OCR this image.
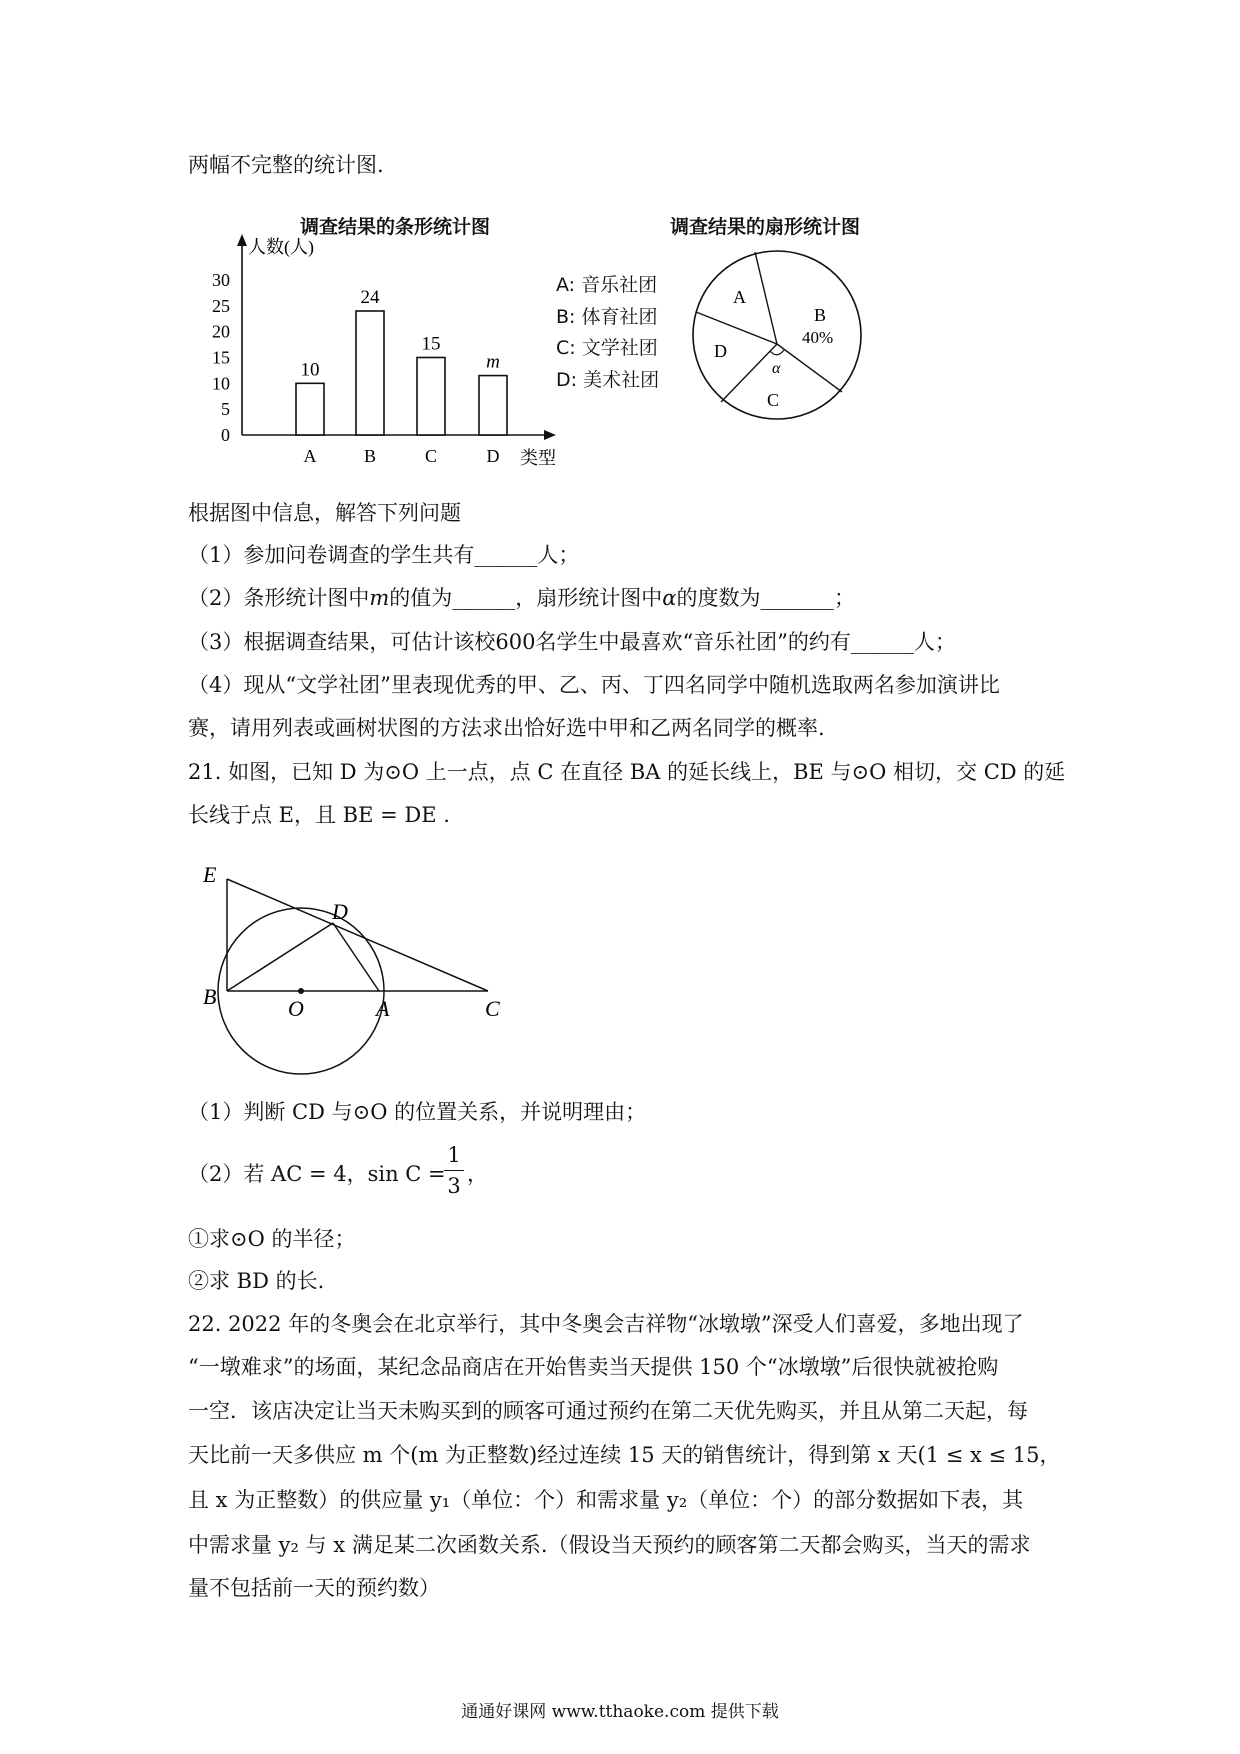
两幅不完整的统计图.
调查结果的条形统计图
人数(人)
类型
0
5
10
15
20
25
30
10
A
24
B
15
C
m
D
调查结果的扇形统计图
A: 音乐社团
B: 体育社团
C: 文学社团
D: 美术社团
A
B
40%
D
α
C
根据图中信息，解答下列问题
（1）参加问卷调查的学生共有______人；
（2）条形统计图中m的值为______，扇形统计图中α的度数为_______；
（3）根据调查结果，可估计该校600名学生中最喜欢“音乐社团”的约有______人；
（4）现从“文学社团”里表现优秀的甲、乙、丙、丁四名同学中随机选取两名参加演讲比
赛，请用列表或画树状图的方法求出恰好选中甲和乙两名同学的概率.
21. 如图，已知 D 为⊙O 上一点，点 C 在直径 BA 的延长线上，BE 与⊙O 相切，交 CD 的延
长线于点 E，且 BE = DE .
E
D
B	O	A	C
（1）判断 CD 与⊙O 的位置关系，并说明理由；
（2）若 AC = 4，sin C =
1
3 ，
①求⊙O 的半径；
②求 BD 的长.
22. 2022 年的冬奥会在北京举行，其中冬奥会吉祥物“冰墩墩”深受人们喜爱，多地出现了
“一墩难求”的场面，某纪念品商店在开始售卖当天提供 150 个“冰墩墩”后很快就被抢购
一空．该店决定让当天未购买到的顾客可通过预约在第二天优先购买，并且从第二天起，每
天比前一天多供应 m 个(m 为正整数)经过连续 15 天的销售统计，得到第 x 天(1 ≤ x ≤ 15，
且 x 为正整数）的供应量 y₁（单位：个）和需求量 y₂（单位：个）的部分数据如下表，其
中需求量 y₂ 与 x 满足某二次函数关系.（假设当天预约的顾客第二天都会购买，当天的需求
量不包括前一天的预约数）
通通好课网 www.tthaoke.com 提供下载
